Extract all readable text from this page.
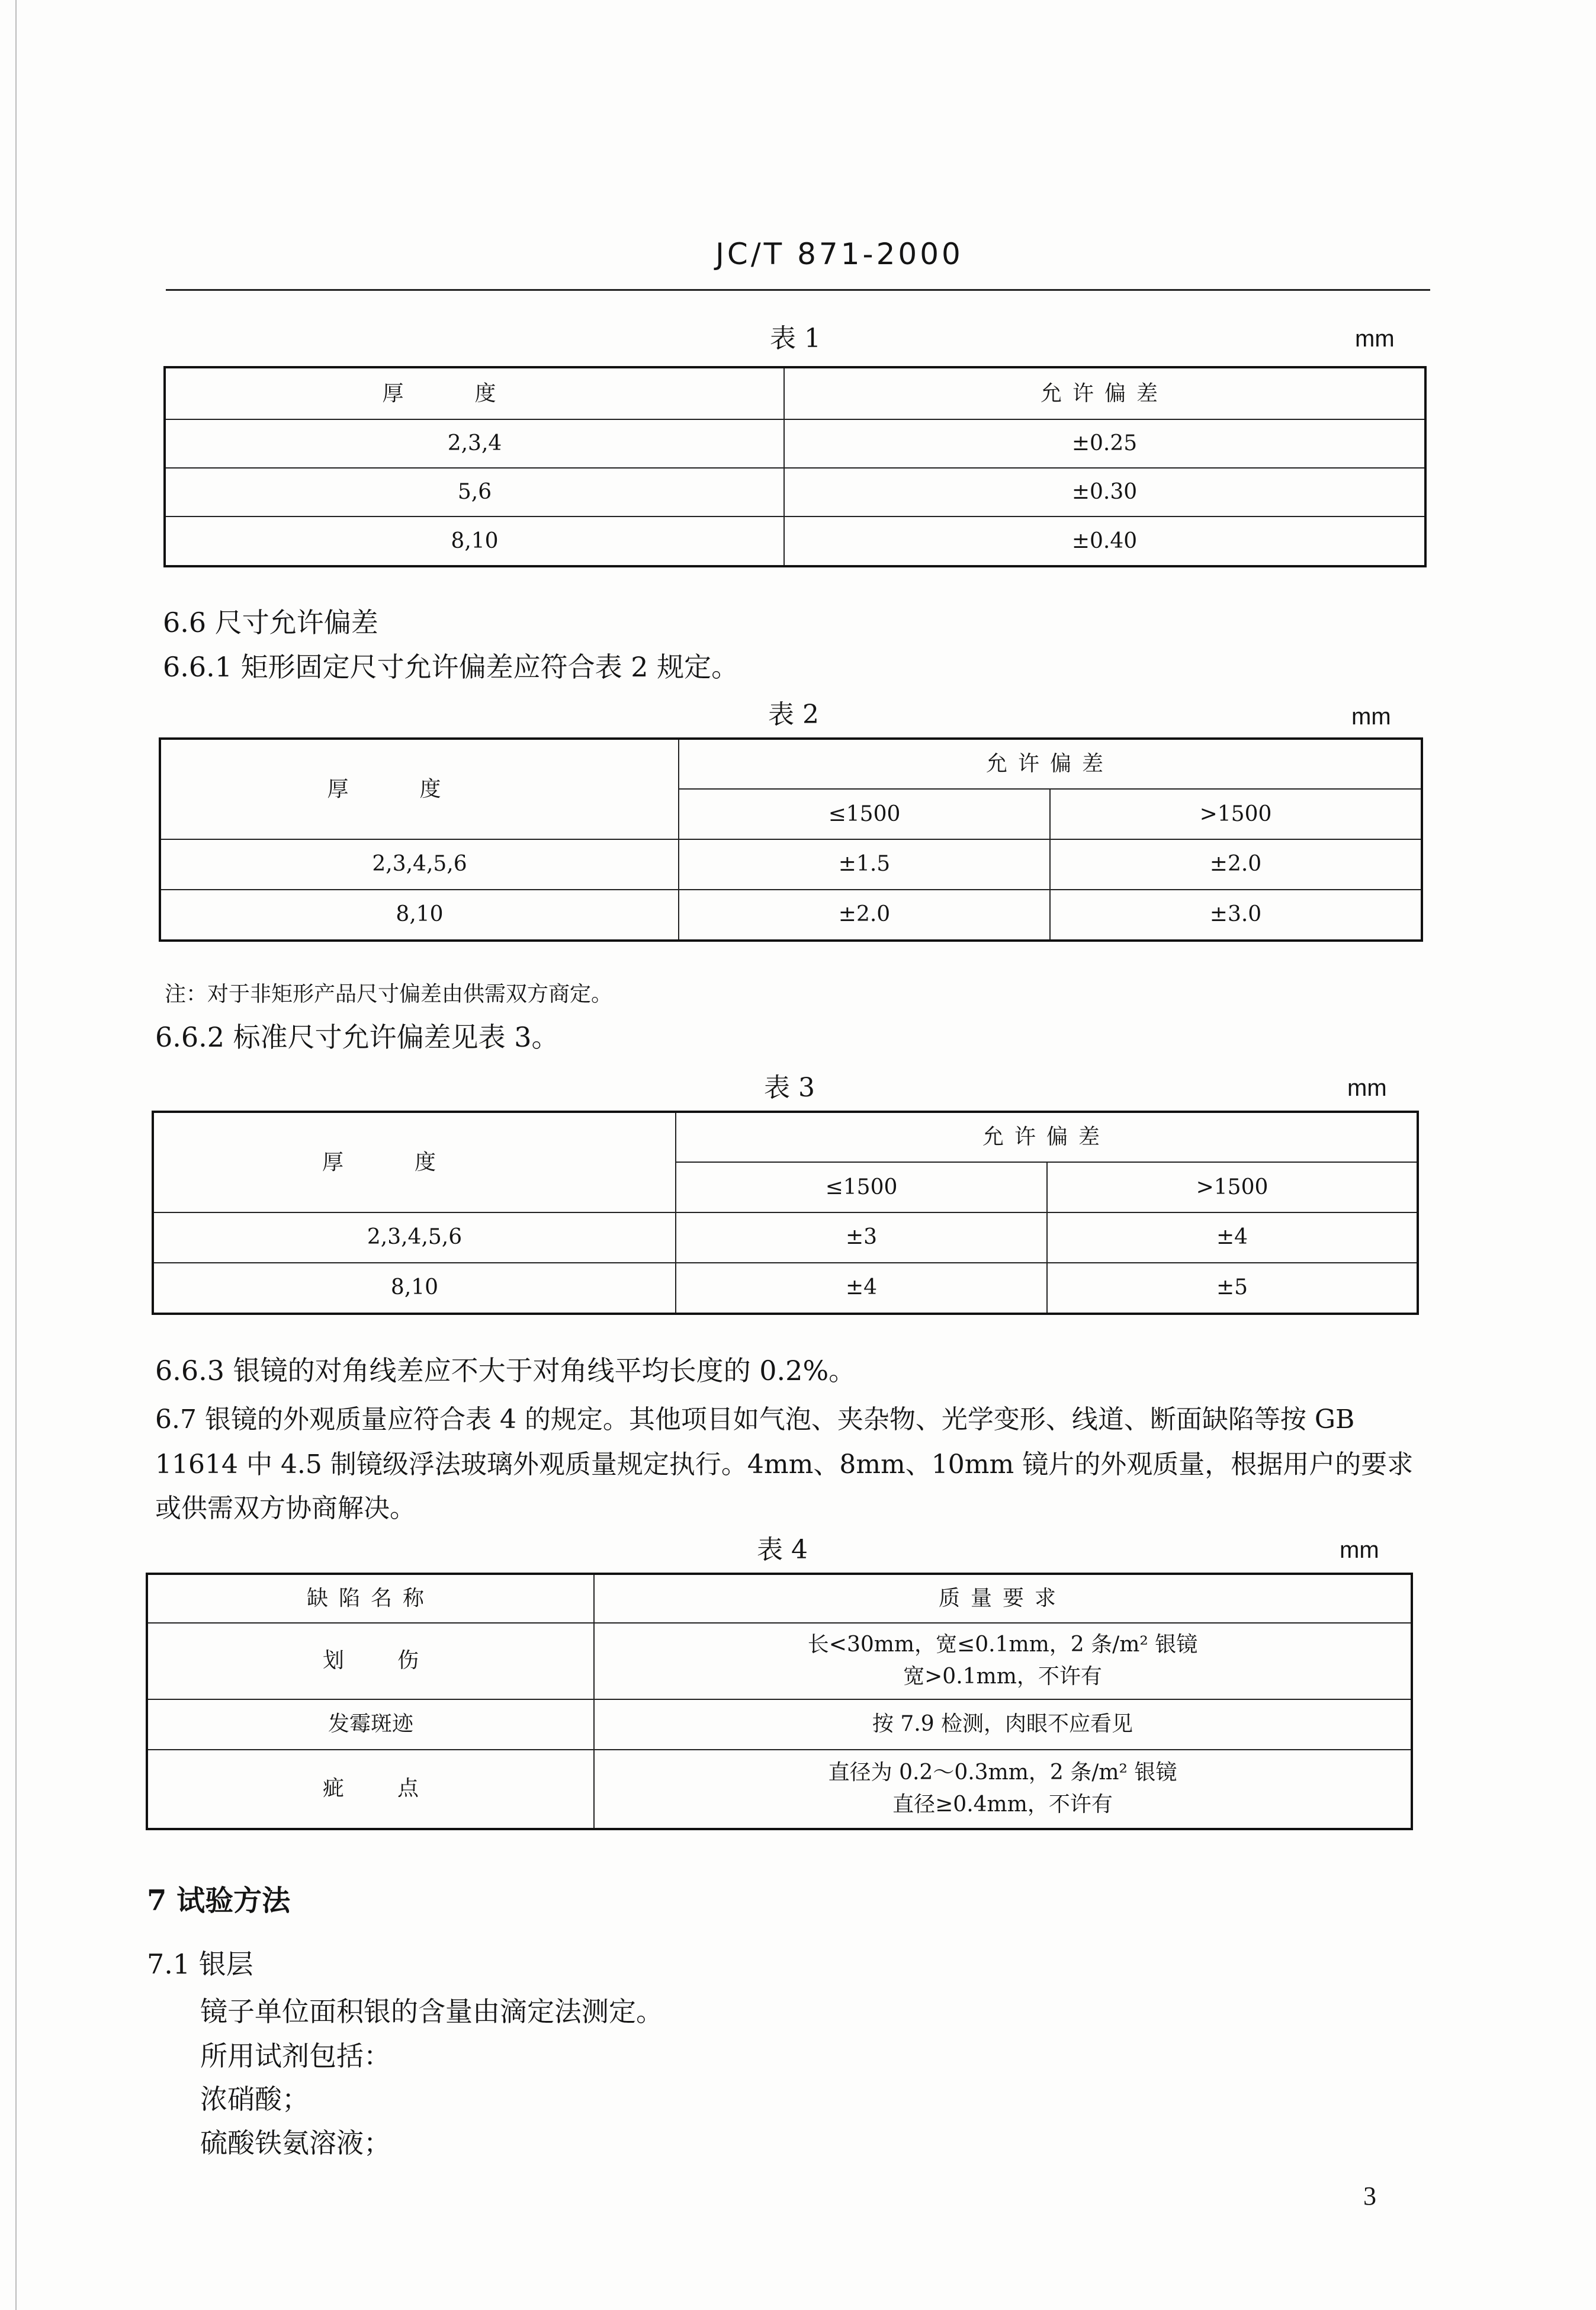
JC/T 871-2000
表 1	mm
厚度	允许偏差
2,3,4	±0.25
5,6	±0.30
8,10	±0.40
6.6 尺寸允许偏差
6.6.1 矩形固定尺寸允许偏差应符合表 2 规定。
表 2	mm
厚度	允许偏差	
	≤1500	>1500
2,3,4,5,6	±1.5	±2.0
8,10	±2.0	±3.0
注：对于非矩形产品尺寸偏差由供需双方商定。
6.6.2 标准尺寸允许偏差见表 3。
表 3	mm
厚度	允许偏差	
	≤1500	>1500
2,3,4,5,6	±3	±4
8,10	±4	±5
6.6.3 银镜的对角线差应不大于对角线平均长度的 0.2%。
6.7 银镜的外观质量应符合表 4 的规定。其他项目如气泡、夹杂物、光学变形、线道、断面缺陷等按 GB
11614 中 4.5 制镜级浮法玻璃外观质量规定执行。4mm、8mm、10mm 镜片的外观质量，根据用户的要求
或供需双方协商解决。
表 4	mm
缺陷名称	质量要求
划伤	长<30mm，宽≤0.1mm，2 条/m² 银镜
宽>0.1mm，不许有

发霉斑迹	按 7.9 检测，肉眼不应看见
疵点	直径为 0.2～0.3mm，2 条/m² 银镜
直径≥0.4mm，不许有
7 试验方法
7.1 银层
镜子单位面积银的含量由滴定法测定。
所用试剂包括：
浓硝酸；
硫酸铁氨溶液；
3
